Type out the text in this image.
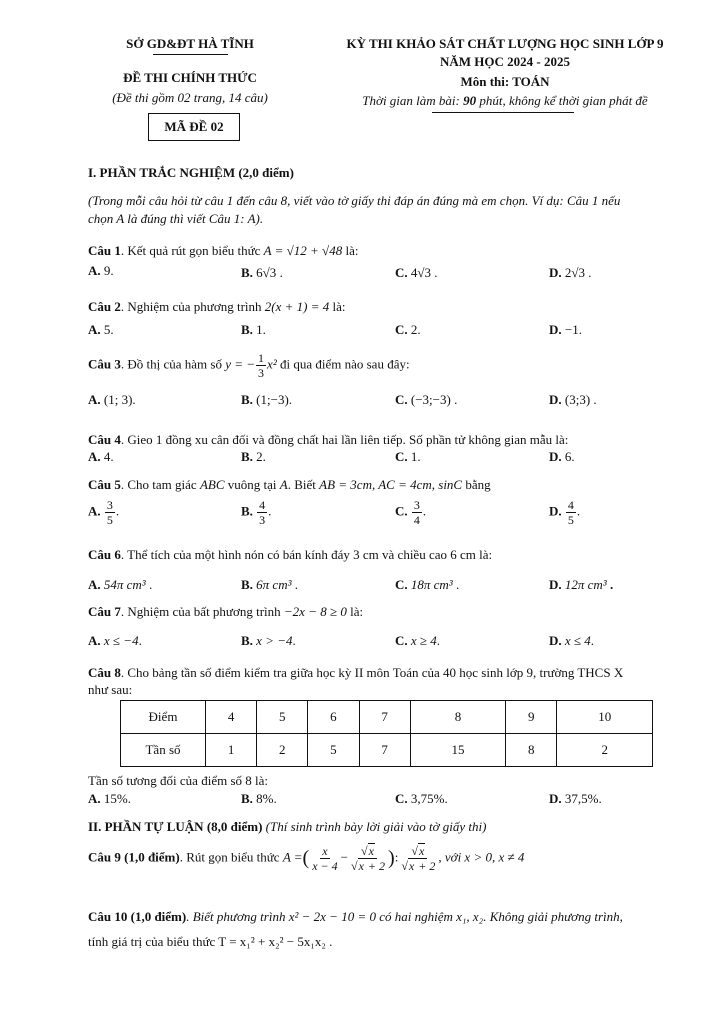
SỞ GD&ĐT HÀ TĨNH
ĐỀ THI CHÍNH THỨC
(Đề thi gồm 02 trang, 14 câu)
MÃ ĐỀ 02
KỲ THI KHẢO SÁT CHẤT LƯỢNG HỌC SINH LỚP 9
NĂM HỌC 2024 - 2025
Môn thi: TOÁN
Thời gian làm bài: 90 phút, không kể thời gian phát đề
I. PHẦN TRẮC NGHIỆM (2,0 điểm)
(Trong mỗi câu hỏi từ câu 1 đến câu 8, viết vào tờ giấy thi đáp án đúng mà em chọn. Ví dụ: Câu 1 nếu
chọn A là đúng thì viết Câu 1: A).
Câu 1. Kết quả rút gọn biểu thức A = √12 + √48 là:
A. 9.	B. 6√3 .	C. 4√3 .	D. 2√3 .
Câu 2. Nghiệm của phương trình 2(x + 1) = 4 là:
A. 5.	B. 1.	C. 2.	D. −1.
Câu 3. Đồ thị của hàm số y = − $\frac{1}{3} x^2$ đi qua điểm nào sau đây:
A. (1; 3).	B. (1;−3).	C. (−3;−3) .	D. (3;3) .
Câu 4. Gieo 1 đồng xu cân đối và đồng chất hai lần liên tiếp. Số phần tử không gian mẫu là:
A. 4.	B. 2.	C. 1.	D. 6.
Câu 5. Cho tam giác ABC vuông tại A. Biết AB = 3cm, AC = 4cm, sinC bằng
A. $\frac{3}{5}$ .	B. $\frac{4}{3}$ .	C. $\frac{3}{4}$ .	D. $\frac{4}{5}$ .
Câu 6. Thể tích của một hình nón có bán kính đáy 3 cm và chiều cao 6 cm là:
A. 54π cm³ .	B. 6π cm³ .	C. 18π cm³ .	D. 12π cm³ .
Câu 7. Nghiệm của bất phương trình −2x − 8 ≥ 0 là:
A. x ≤ −4.	B. x > −4.	C. x ≥ 4.	D. x ≤ 4.
Câu 8. Cho bảng tần số điểm kiểm tra giữa học kỳ II môn Toán của 40 học sinh lớp 9, trường THCS X
như sau:
Điểm	4	5	6	7	8	9	10
Tần số	1	2	5	7	15	8	2
Tần số tương đối của điểm số 8 là:
A. 15%.	B. 8%.	C. 3,75%.	D. 37,5%.
II. PHẦN TỰ LUẬN (8,0 điểm) (Thí sinh trình bày lời giải vào tờ giấy thi)
Câu 9 (1,0 điểm). Rút gọn biểu thức A =( $\frac{x}{x - 4} - \frac{√x}{√x + 2}$ ): $\frac{√x}{√x + 2}$ , với x > 0, x ≠ 4
Câu 10 (1,0 điểm). Biết phương trình x² − 2x − 10 = 0 có hai nghiệm x₁, x₂. Không giải phương trình,
tính giá trị của biểu thức T = x₁² + x₂² − 5x₁x₂ .
